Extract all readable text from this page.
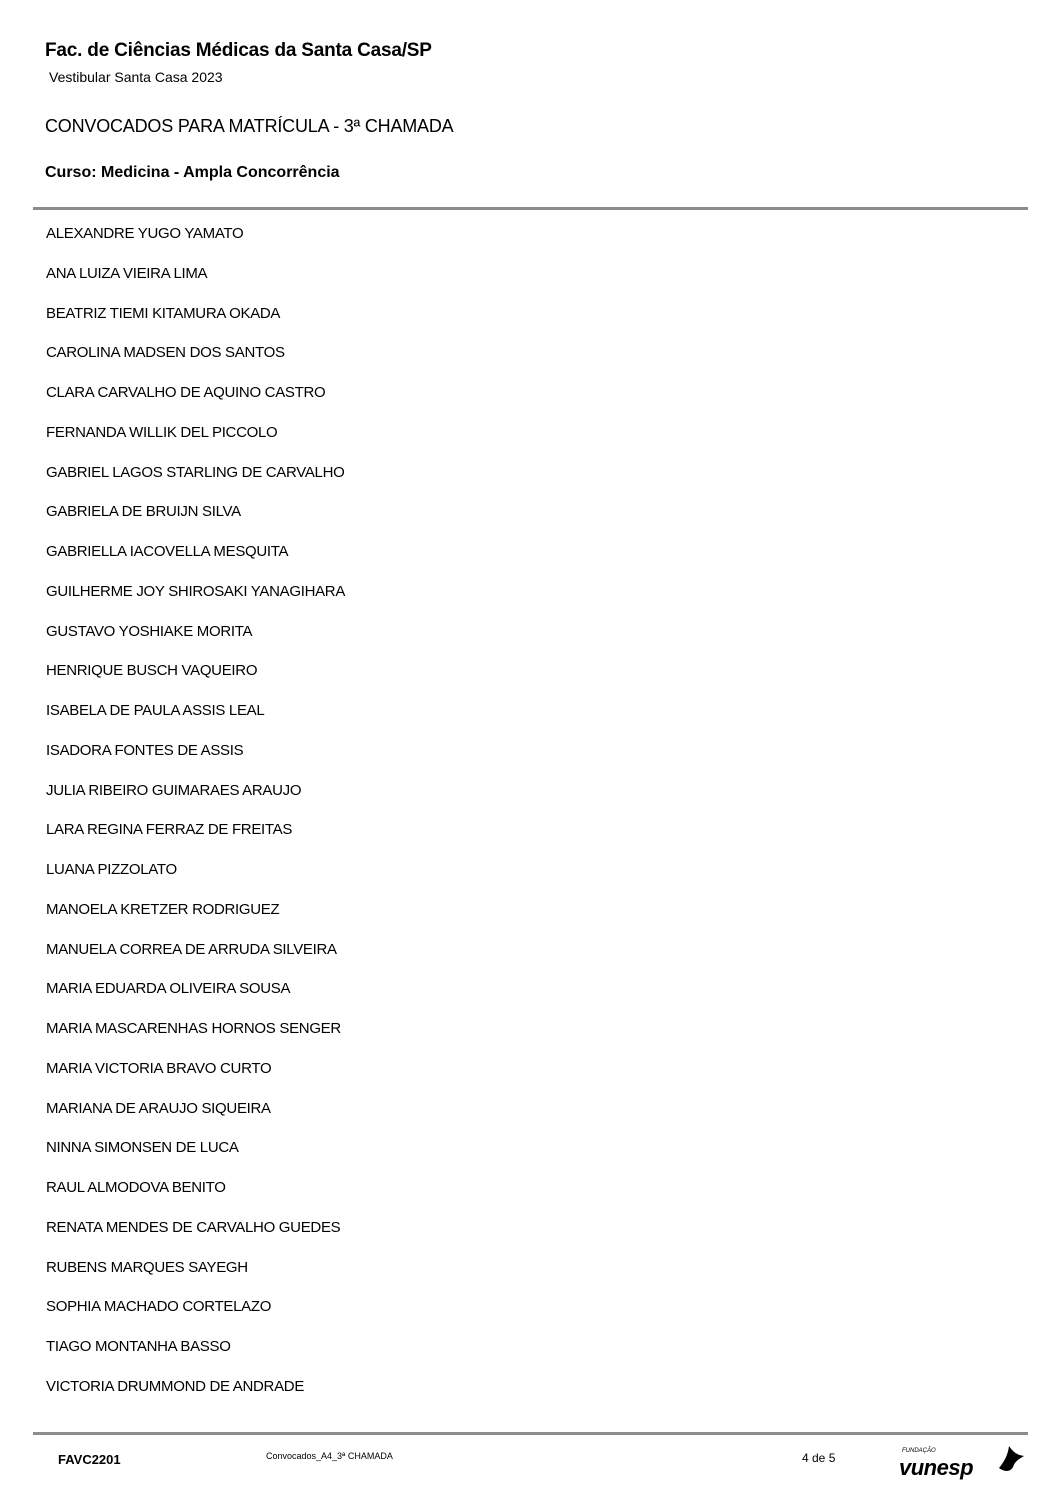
Fac. de Ciências Médicas da Santa Casa/SP
Vestibular Santa Casa 2023
CONVOCADOS PARA MATRÍCULA - 3ª CHAMADA
Curso: Medicina - Ampla Concorrência
ALEXANDRE YUGO YAMATO
ANA LUIZA VIEIRA LIMA
BEATRIZ TIEMI KITAMURA OKADA
CAROLINA MADSEN DOS SANTOS
CLARA CARVALHO DE AQUINO CASTRO
FERNANDA WILLIK DEL PICCOLO
GABRIEL LAGOS STARLING DE CARVALHO
GABRIELA DE BRUIJN SILVA
GABRIELLA IACOVELLA MESQUITA
GUILHERME JOY SHIROSAKI YANAGIHARA
GUSTAVO YOSHIAKE MORITA
HENRIQUE BUSCH VAQUEIRO
ISABELA DE PAULA ASSIS LEAL
ISADORA FONTES DE ASSIS
JULIA RIBEIRO GUIMARAES ARAUJO
LARA REGINA FERRAZ DE FREITAS
LUANA PIZZOLATO
MANOELA KRETZER RODRIGUEZ
MANUELA CORREA DE ARRUDA SILVEIRA
MARIA EDUARDA OLIVEIRA SOUSA
MARIA MASCARENHAS HORNOS SENGER
MARIA VICTORIA BRAVO CURTO
MARIANA DE ARAUJO SIQUEIRA
NINNA SIMONSEN DE LUCA
RAUL ALMODOVA BENITO
RENATA MENDES DE CARVALHO GUEDES
RUBENS MARQUES SAYEGH
SOPHIA MACHADO CORTELAZO
TIAGO MONTANHA BASSO
VICTORIA DRUMMOND DE ANDRADE
FAVC2201	Convocados_A4_3ª CHAMADA	4 de 5	FUNDAÇÃO
vunesp
